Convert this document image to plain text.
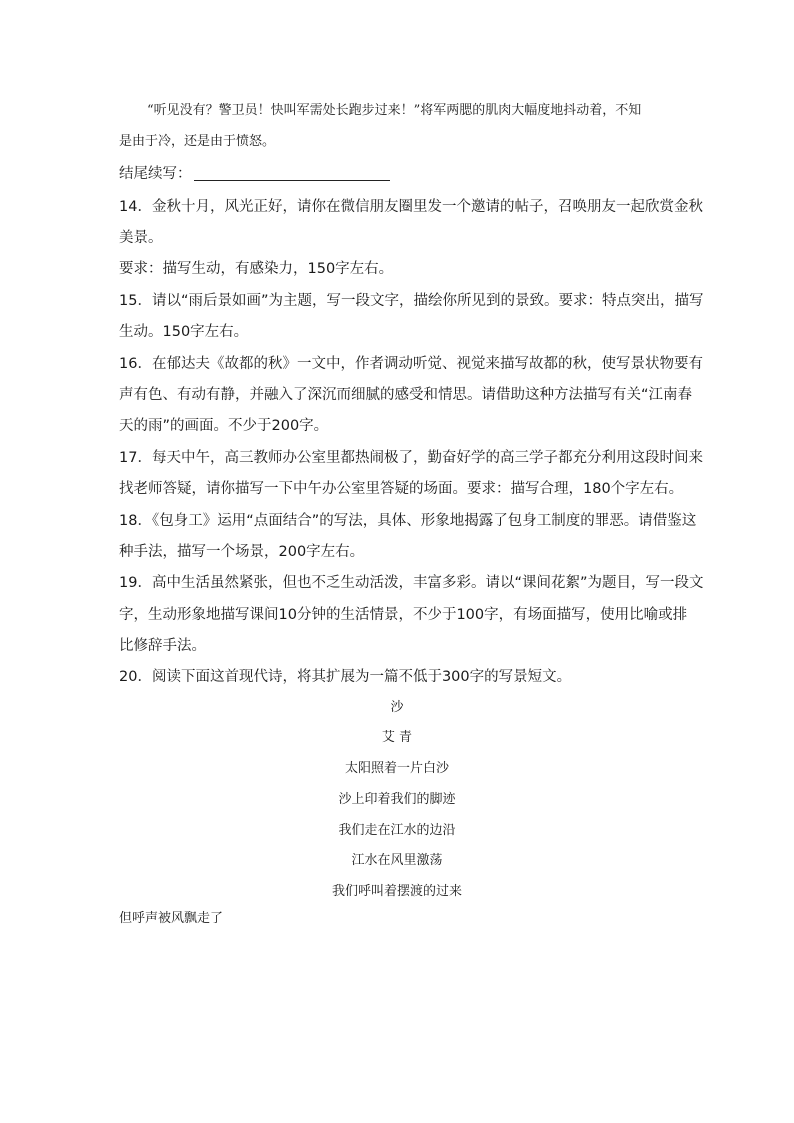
“听见没有？警卫员！快叫军需处长跑步过来！”将军两腮的肌肉大幅度地抖动着，不知
是由于冷，还是由于愤怒。
结尾续写：
14．金秋十月，风光正好，请你在微信朋友圈里发一个邀请的帖子，召唤朋友一起欣赏金秋
美景。
要求：描写生动，有感染力，150字左右。
15．请以“雨后景如画”为主题，写一段文字，描绘你所见到的景致。要求：特点突出，描写
生动。150字左右。
16．在郁达夫《故都的秋》一文中，作者调动听觉、视觉来描写故都的秋，使写景状物要有
声有色、有动有静，并融入了深沉而细腻的感受和情思。请借助这种方法描写有关“江南春
天的雨”的画面。不少于200字。
17．每天中午，高三教师办公室里都热闹极了，勤奋好学的高三学子都充分利用这段时间来
找老师答疑，请你描写一下中午办公室里答疑的场面。要求：描写合理，180个字左右。
18．《包身工》运用“点面结合”的写法，具体、形象地揭露了包身工制度的罪恶。请借鉴这
种手法，描写一个场景，200字左右。
19．高中生活虽然紧张，但也不乏生动活泼，丰富多彩。请以“课间花絮”为题目，写一段文
字，生动形象地描写课间10分钟的生活情景，不少于100字，有场面描写，使用比喻或排
比修辞手法。
20．阅读下面这首现代诗，将其扩展为一篇不低于300字的写景短文。
沙
艾 青
太阳照着一片白沙
沙上印着我们的脚迹
我们走在江水的边沿
江水在风里激荡
我们呼叫着摆渡的过来
但呼声被风飘走了
